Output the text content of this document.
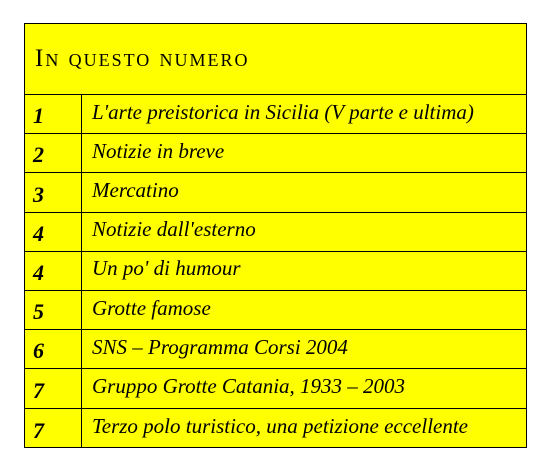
In questo numero
1	L'arte preistorica in Sicilia (V parte e ultima)
2	Notizie in breve
3	Mercatino
4	Notizie dall'esterno
4	Un po' di humour
5	Grotte famose
6	SNS – Programma Corsi 2004
7	Gruppo Grotte Catania, 1933 – 2003
7	Terzo polo turistico, una petizione eccellente
